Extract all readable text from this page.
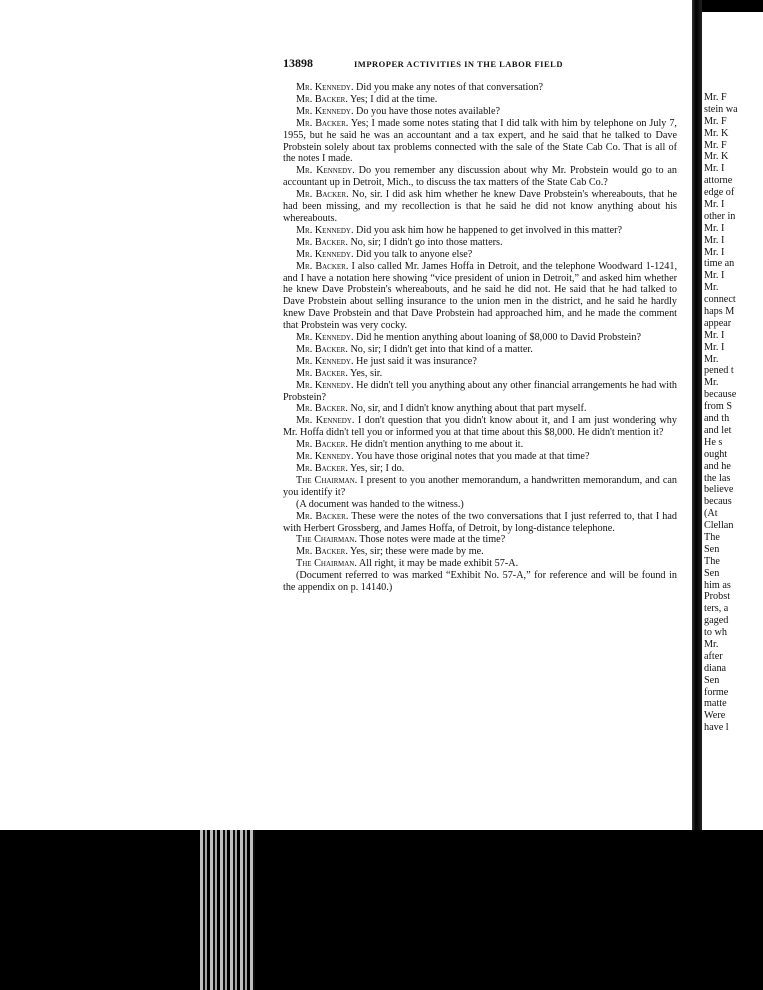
13898	IMPROPER ACTIVITIES IN THE LABOR FIELD

Mr. Kennedy. Did you make any notes of that conversation?

Mr. Backer. Yes; I did at the time.

Mr. Kennedy. Do you have those notes available?

Mr. Backer. Yes; I made some notes stating that I did talk with him by telephone on July 7, 1955, but he said he was an accountant and a tax expert, and he said that he talked to Dave Probstein solely about tax problems connected with the sale of the State Cab Co. That is all of the notes I made.

Mr. Kennedy. Do you remember any discussion about why Mr. Probstein would go to an accountant up in Detroit, Mich., to discuss the tax matters of the State Cab Co.?

Mr. Backer. No, sir. I did ask him whether he knew Dave Probstein's whereabouts, that he had been missing, and my recollection is that he said he did not know anything about his whereabouts.

Mr. Kennedy. Did you ask him how he happened to get involved in this matter?

Mr. Backer. No, sir; I didn't go into those matters.

Mr. Kennedy. Did you talk to anyone else?

Mr. Backer. I also called Mr. James Hoffa in Detroit, and the telephone Woodward 1-1241, and I have a notation here showing “vice president of union in Detroit,” and asked him whether he knew Dave Probstein's whereabouts, and he said he did not. He said that he had talked to Dave Probstein about selling insurance to the union men in the district, and he said he hardly knew Dave Probstein and that Dave Probstein had approached him, and he made the comment that Probstein was very cocky.

Mr. Kennedy. Did he mention anything about loaning of $8,000 to David Probstein?

Mr. Backer. No, sir; I didn't get into that kind of a matter.

Mr. Kennedy. He just said it was insurance?

Mr. Backer. Yes, sir.

Mr. Kennedy. He didn't tell you anything about any other financial arrangements he had with Probstein?

Mr. Backer. No, sir, and I didn't know anything about that part myself.

Mr. Kennedy. I don't question that you didn't know about it, and I am just wondering why Mr. Hoffa didn't tell you or informed you at that time about this $8,000. He didn't mention it?

Mr. Backer. He didn't mention anything to me about it.

Mr. Kennedy. You have those original notes that you made at that time?

Mr. Backer. Yes, sir; I do.

The Chairman. I present to you another memorandum, a handwritten memorandum, and can you identify it?

(A document was handed to the witness.)

Mr. Backer. These were the notes of the two conversations that I just referred to, that I had with Herbert Grossberg, and James Hoffa, of Detroit, by long-distance telephone.

The Chairman. Those notes were made at the time?

Mr. Backer. Yes, sir; these were made by me.

The Chairman. All right, it may be made exhibit 57-A.

(Document referred to was marked “Exhibit No. 57-A,” for reference and will be found in the appendix on p. 14140.)

Mr. F
stein wa
Mr. F
Mr. K
Mr. F
Mr. K
Mr. I
attorne
edge of
Mr. I
other in
Mr. I
Mr. I
Mr. I
time an
Mr. I
Mr.
connect
haps M
appear
Mr. I
Mr. I
Mr.
pened t
Mr.
because
from S
and th
and let
He s
ought
and he
the las
believe
becaus
(At
Clellan
The
Sen
The
Sen
him as
Probst
ters, a
gaged
to wh
Mr.
after
diana
Sen
forme
matte
Were
have l
